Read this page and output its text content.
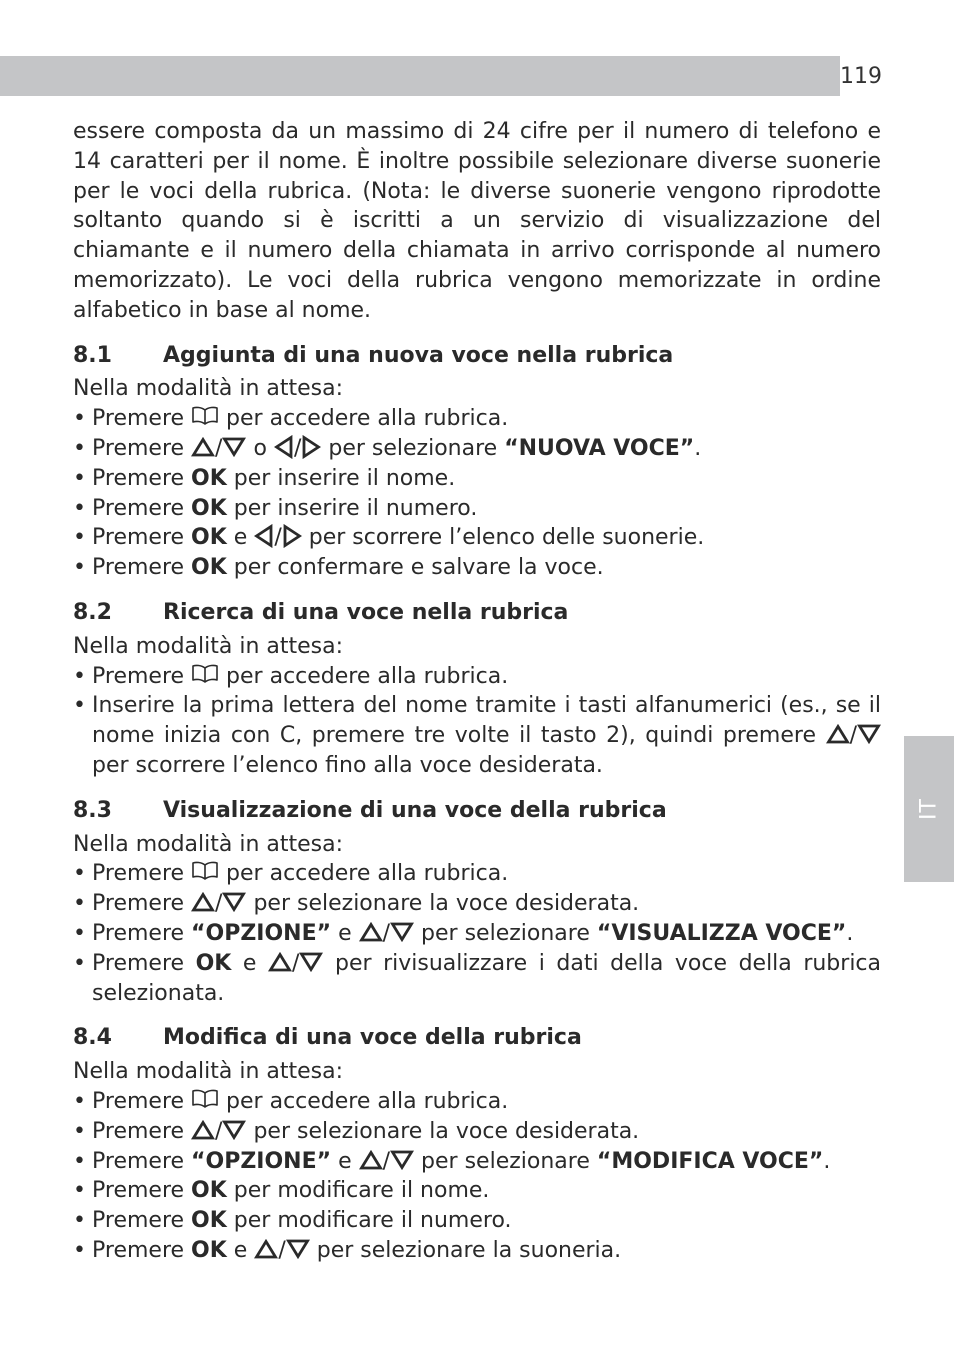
119
IT

essere composta da un massimo di 24 cifre per il numero di telefono e 14 caratteri per il nome. È inoltre possibile selezionare diverse suonerie per le voci della rubrica. (Nota: le diverse suonerie vengono riprodotte soltanto quando si è iscritti a un servizio di visualizzazione del chiamante e il numero della chiamata in arrivo corrisponde al numero memorizzato). Le voci della rubrica vengono memorizzate in ordine alfabetico in base al nome.

8.1	Aggiunta di una nuova voce nella rubrica

Nella modalità in attesa:

• Premere per accedere alla rubrica.
• Premere / o / per selezionare “NUOVA VOCE”.
• Premere OK per inserire il nome.
• Premere OK per inserire il numero.
• Premere OK e / per scorrere l’elenco delle suonerie.
• Premere OK per confermare e salvare la voce.
8.2	Ricerca di una voce nella rubrica

Nella modalità in attesa:

• Premere per accedere alla rubrica.
• Inserire la prima lettera del nome tramite i tasti alfanumerici (es., se il nome inizia con C, premere tre volte il tasto 2), quindi premere / per scorrere l’elenco fino alla voce desiderata.
8.3	Visualizzazione di una voce della rubrica

Nella modalità in attesa:

• Premere per accedere alla rubrica.
• Premere / per selezionare la voce desiderata.
• Premere “OPZIONE” e / per selezionare “VISUALIZZA VOCE”.
• Premere OK e / per rivisualizzare i dati della voce della rubrica selezionata.
8.4	Modifica di una voce della rubrica

Nella modalità in attesa:

• Premere per accedere alla rubrica.
• Premere / per selezionare la voce desiderata.
• Premere “OPZIONE” e / per selezionare “MODIFICA VOCE”.
• Premere OK per modificare il nome.
• Premere OK per modificare il numero.
• Premere OK e / per selezionare la suoneria.
